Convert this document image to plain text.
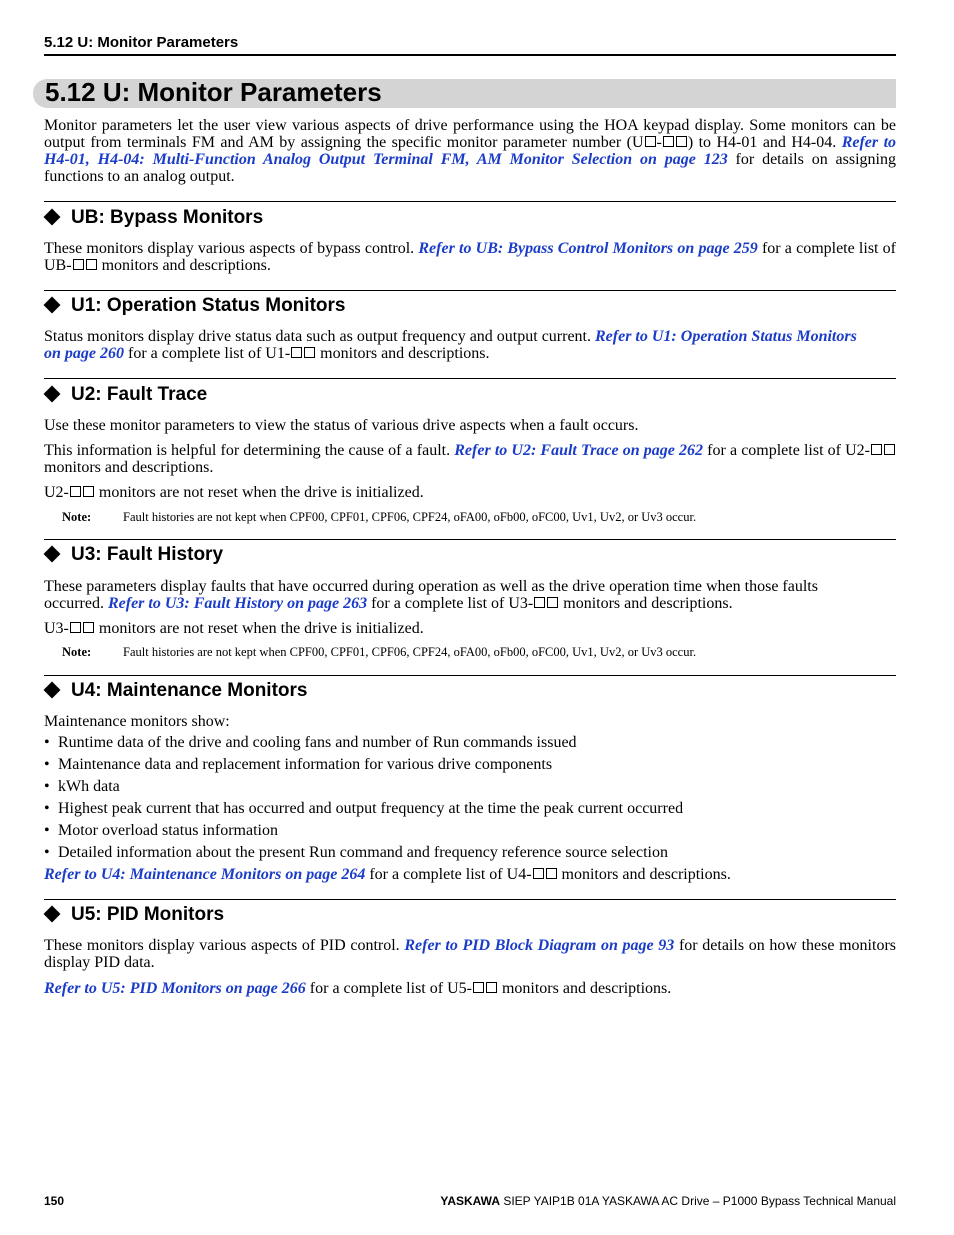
5.12 U: Monitor Parameters
5.12 U: Monitor Parameters
Monitor parameters let the user view various aspects of drive performance using the HOA keypad display. Some monitors can be output from terminals FM and AM by assigning the specific monitor parameter number (U - ) to H4-01 and H4-04. Refer to H4-01, H4-04: Multi-Function Analog Output Terminal FM, AM Monitor Selection on page 123 for details on assigning functions to an analog output.
UB: Bypass Monitors
These monitors display various aspects of bypass control. Refer to UB: Bypass Control Monitors on page 259 for a complete list of UB- monitors and descriptions.
U1: Operation Status Monitors
Status monitors display drive status data such as output frequency and output current. Refer to U1: Operation Status Monitors on page 260 for a complete list of U1- monitors and descriptions.
U2: Fault Trace
Use these monitor parameters to view the status of various drive aspects when a fault occurs.
This information is helpful for determining the cause of a fault. Refer to U2: Fault Trace on page 262 for a complete list of U2- monitors and descriptions.
U2- monitors are not reset when the drive is initialized.
Note:	Fault histories are not kept when CPF00, CPF01, CPF06, CPF24, oFA00, oFb00, oFC00, Uv1, Uv2, or Uv3 occur.
U3: Fault History
These parameters display faults that have occurred during operation as well as the drive operation time when those faults occurred. Refer to U3: Fault History on page 263 for a complete list of U3- monitors and descriptions.
U3- monitors are not reset when the drive is initialized.
Note:	Fault histories are not kept when CPF00, CPF01, CPF06, CPF24, oFA00, oFb00, oFC00, Uv1, Uv2, or Uv3 occur.
U4: Maintenance Monitors
Maintenance monitors show:
• Runtime data of the drive and cooling fans and number of Run commands issued
• Maintenance data and replacement information for various drive components
• kWh data
• Highest peak current that has occurred and output frequency at the time the peak current occurred
• Motor overload status information
• Detailed information about the present Run command and frequency reference source selection
Refer to U4: Maintenance Monitors on page 264 for a complete list of U4- monitors and descriptions.
U5: PID Monitors
These monitors display various aspects of PID control. Refer to PID Block Diagram on page 93 for details on how these monitors display PID data.
Refer to U5: PID Monitors on page 266 for a complete list of U5- monitors and descriptions.
150	YASKAWA SIEP YAIP1B 01A YASKAWA AC Drive – P1000 Bypass Technical Manual
